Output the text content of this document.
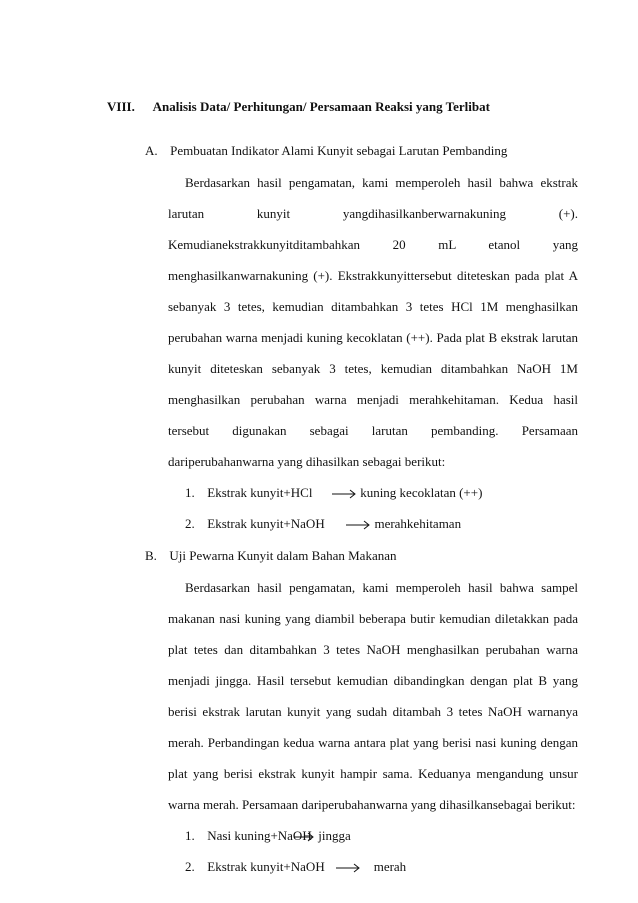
VIII. Analisis Data/ Perhitungan/ Persamaan Reaksi yang Terlibat
A. Pembuatan Indikator Alami Kunyit sebagai Larutan Pembanding
Berdasarkan hasil pengamatan, kami memperoleh hasil bahwa ekstrak
larutan kunyit yangdihasilkanberwarnakuning (+).
Kemudianekstrakkunyitditambahkan 20 mL etanol yang
menghasilkanwarnakuning (+). Ekstrakkunyittersebut diteteskan pada plat A
sebanyak 3 tetes, kemudian ditambahkan 3 tetes HCl 1M menghasilkan
perubahan warna menjadi kuning kecoklatan (++). Pada plat B ekstrak larutan
kunyit diteteskan sebanyak 3 tetes, kemudian ditambahkan NaOH 1M
menghasilkan perubahan warna menjadi merahkehitaman. Kedua hasil
tersebut digunakan sebagai larutan pembanding. Persamaan
dariperubahanwarna yang dihasilkan sebagai berikut:
1. Ekstrak kunyit+HCl	kuning kecoklatan (++)
2. Ekstrak kunyit+NaOH	merahkehitaman
B. Uji Pewarna Kunyit dalam Bahan Makanan
Berdasarkan hasil pengamatan, kami memperoleh hasil bahwa sampel
makanan nasi kuning yang diambil beberapa butir kemudian diletakkan pada
plat tetes dan ditambahkan 3 tetes NaOH menghasilkan perubahan warna
menjadi jingga. Hasil tersebut kemudian dibandingkan dengan plat B yang
berisi ekstrak larutan kunyit yang sudah ditambah 3 tetes NaOH warnanya
merah. Perbandingan kedua warna antara plat yang berisi nasi kuning dengan
plat yang berisi ekstrak kunyit hampir sama. Keduanya mengandung unsur
warna merah. Persamaan dariperubahanwarna yang dihasilkansebagai berikut:
1. Nasi kuning+NaOH jingga
2. Ekstrak kunyit+NaOH	merah
